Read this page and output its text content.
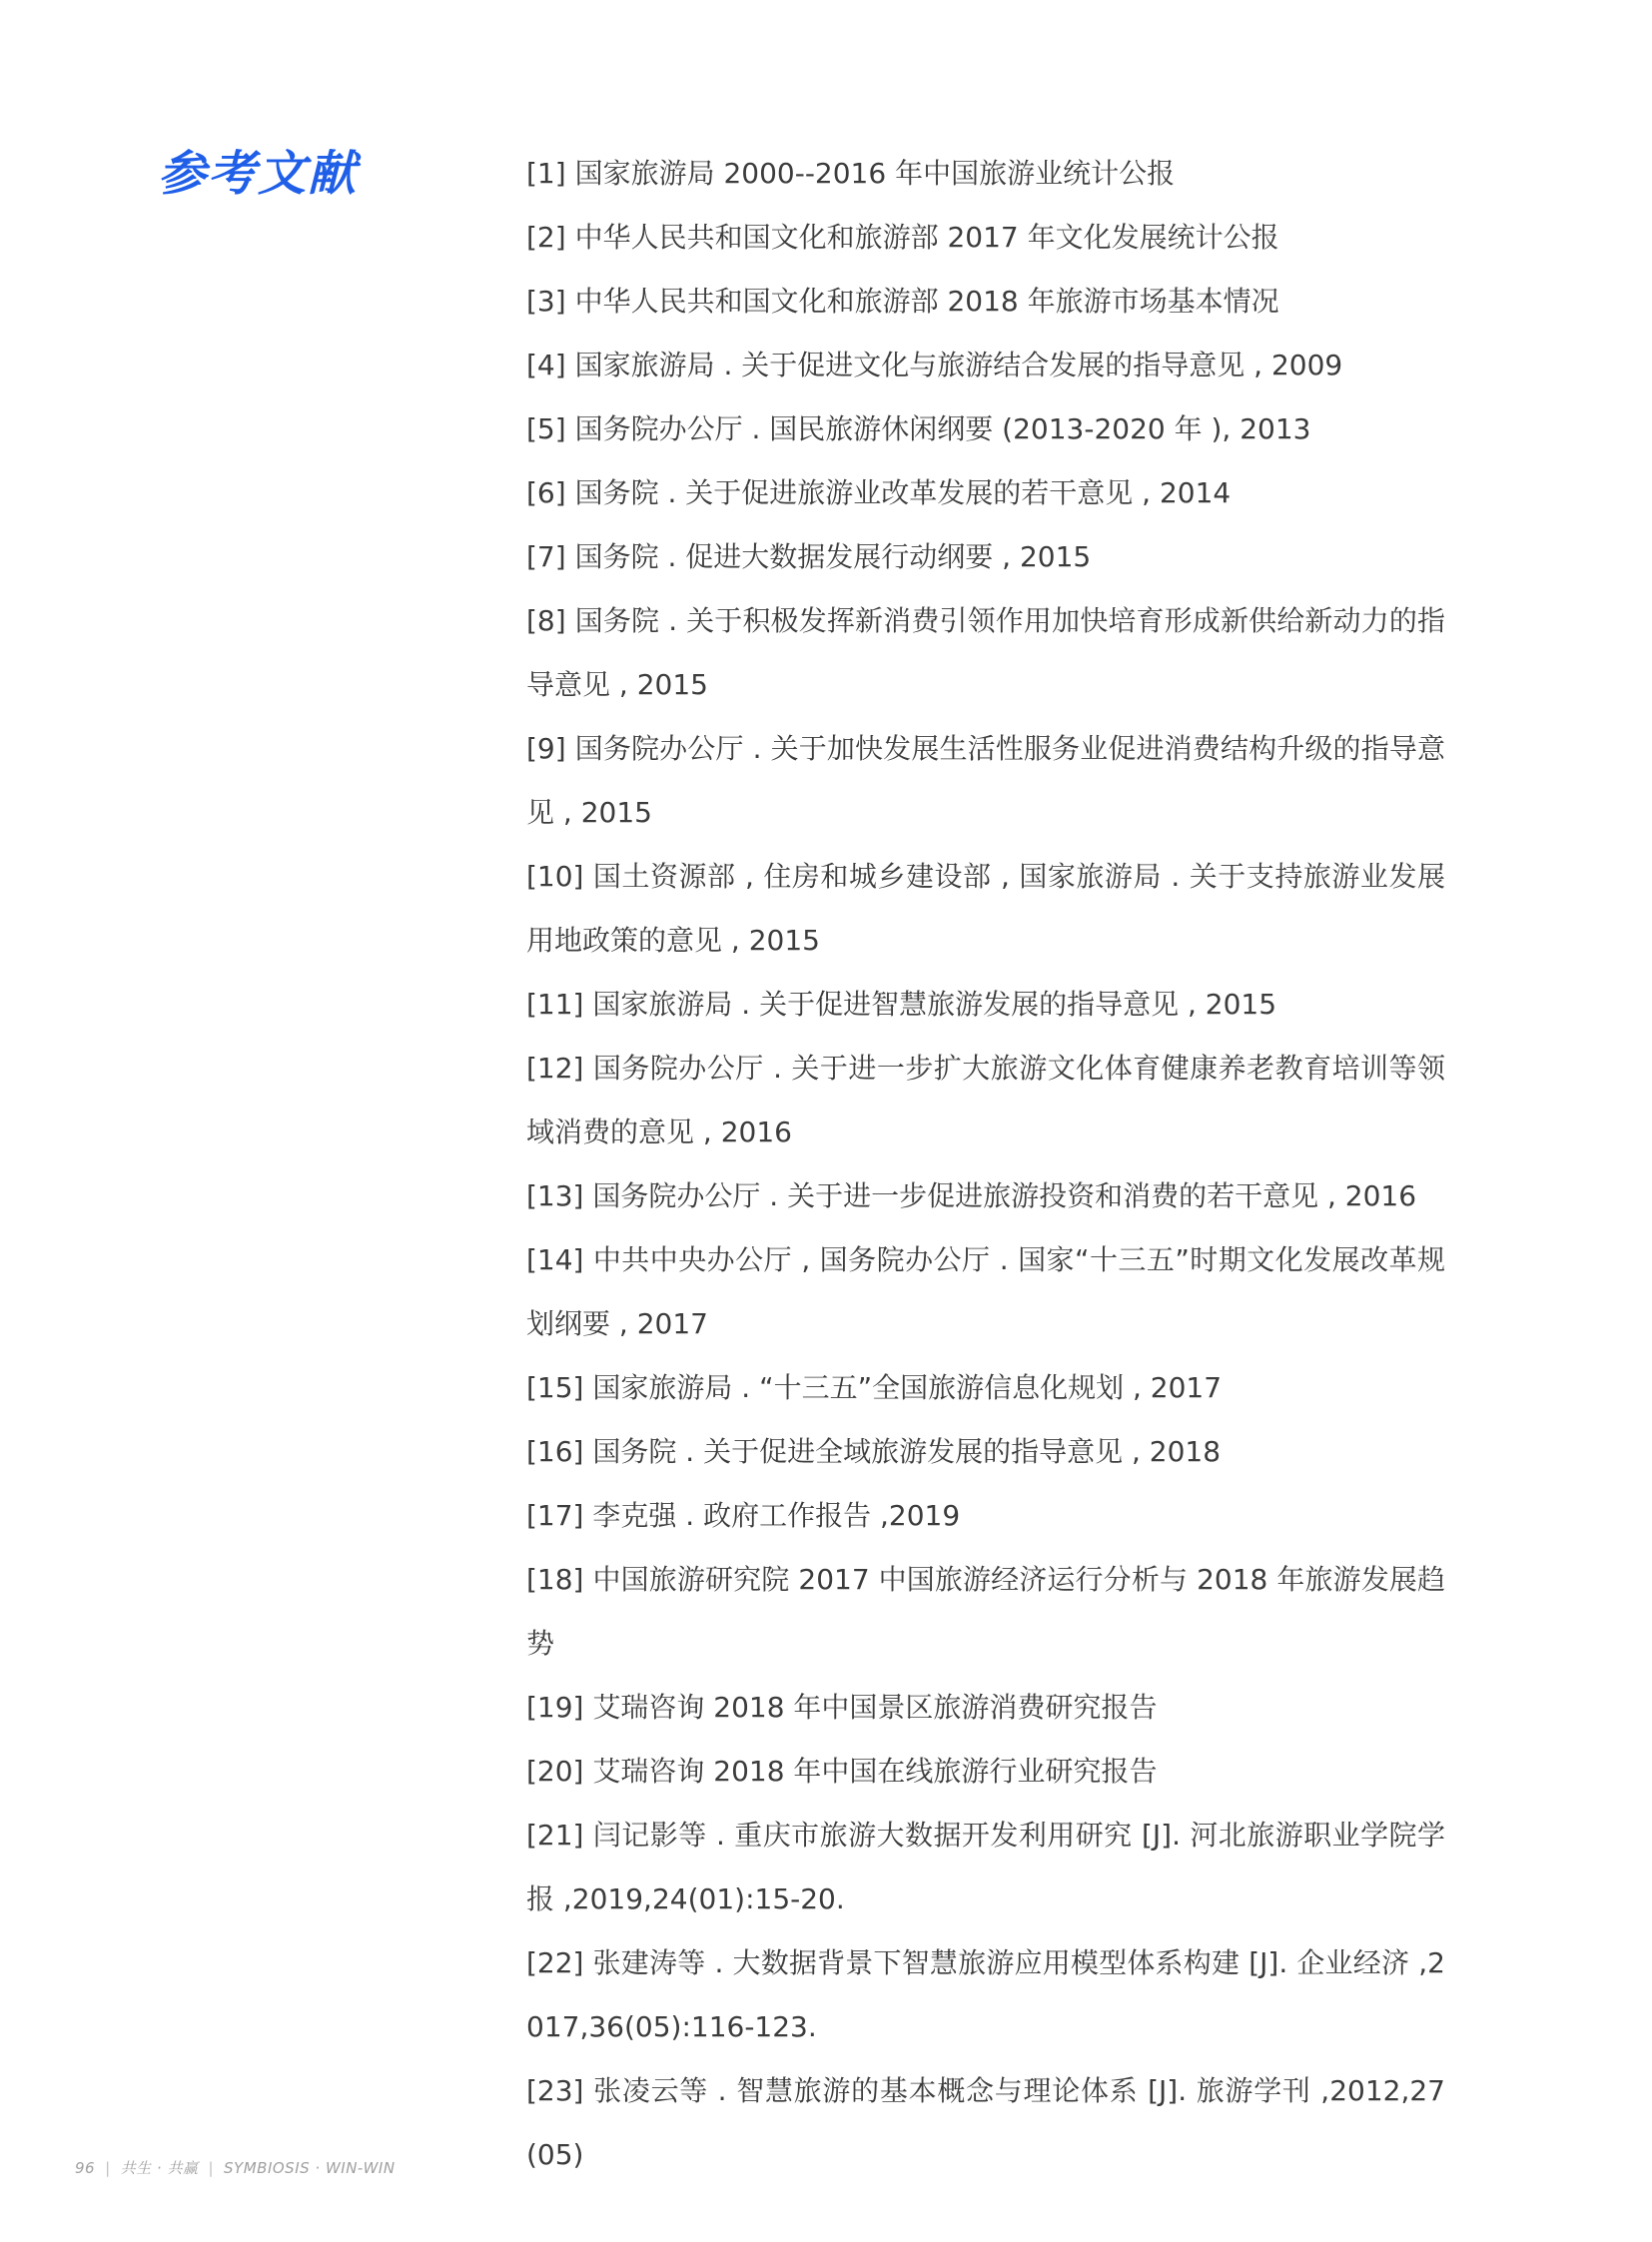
参考文献	[1] 国家旅游局 2000--2016 年中国旅游业统计公报
[2] 中华人民共和国文化和旅游部 2017 年文化发展统计公报
[3] 中华人民共和国文化和旅游部 2018 年旅游市场基本情况
[4] 国家旅游局 . 关于促进文化与旅游结合发展的指导意见 , 2009
[5] 国务院办公厅 . 国民旅游休闲纲要 (2013-2020 年 ), 2013
[6] 国务院 . 关于促进旅游业改革发展的若干意见 , 2014
[7] 国务院 . 促进大数据发展行动纲要 , 2015
[8] 国务院 . 关于积极发挥新消费引领作用加快培育形成新供给新动力的指导意见 , 2015
[9] 国务院办公厅 . 关于加快发展生活性服务业促进消费结构升级的指导意见 , 2015
[10] 国土资源部 , 住房和城乡建设部 , 国家旅游局 . 关于支持旅游业发展用地政策的意见 , 2015
[11] 国家旅游局 . 关于促进智慧旅游发展的指导意见 , 2015
[12] 国务院办公厅 . 关于进一步扩大旅游文化体育健康养老教育培训等领域消费的意见 , 2016
[13] 国务院办公厅 . 关于进一步促进旅游投资和消费的若干意见 , 2016
[14] 中共中央办公厅 , 国务院办公厅 . 国家“十三五”时期文化发展改革规划纲要 , 2017
[15] 国家旅游局 . “十三五”全国旅游信息化规划 , 2017
[16] 国务院 . 关于促进全域旅游发展的指导意见 , 2018
[17] 李克强 . 政府工作报告 ,2019
[18] 中国旅游研究院 2017 中国旅游经济运行分析与 2018 年旅游发展趋势
[19] 艾瑞咨询 2018 年中国景区旅游消费研究报告
[20] 艾瑞咨询 2018 年中国在线旅游行业研究报告
[21] 闫记影等 . 重庆市旅游大数据开发利用研究 [J]. 河北旅游职业学院学报 ,2019,24(01):15-20.
[22] 张建涛等 . 大数据背景下智慧旅游应用模型体系构建 [J]. 企业经济 ,2017,36(05):116-123.
[23] 张凌云等 . 智慧旅游的基本概念与理论体系 [J]. 旅游学刊 ,2012,27(05)
96 | 共生 · 共赢 | SYMBIOSIS · WIN-WIN
